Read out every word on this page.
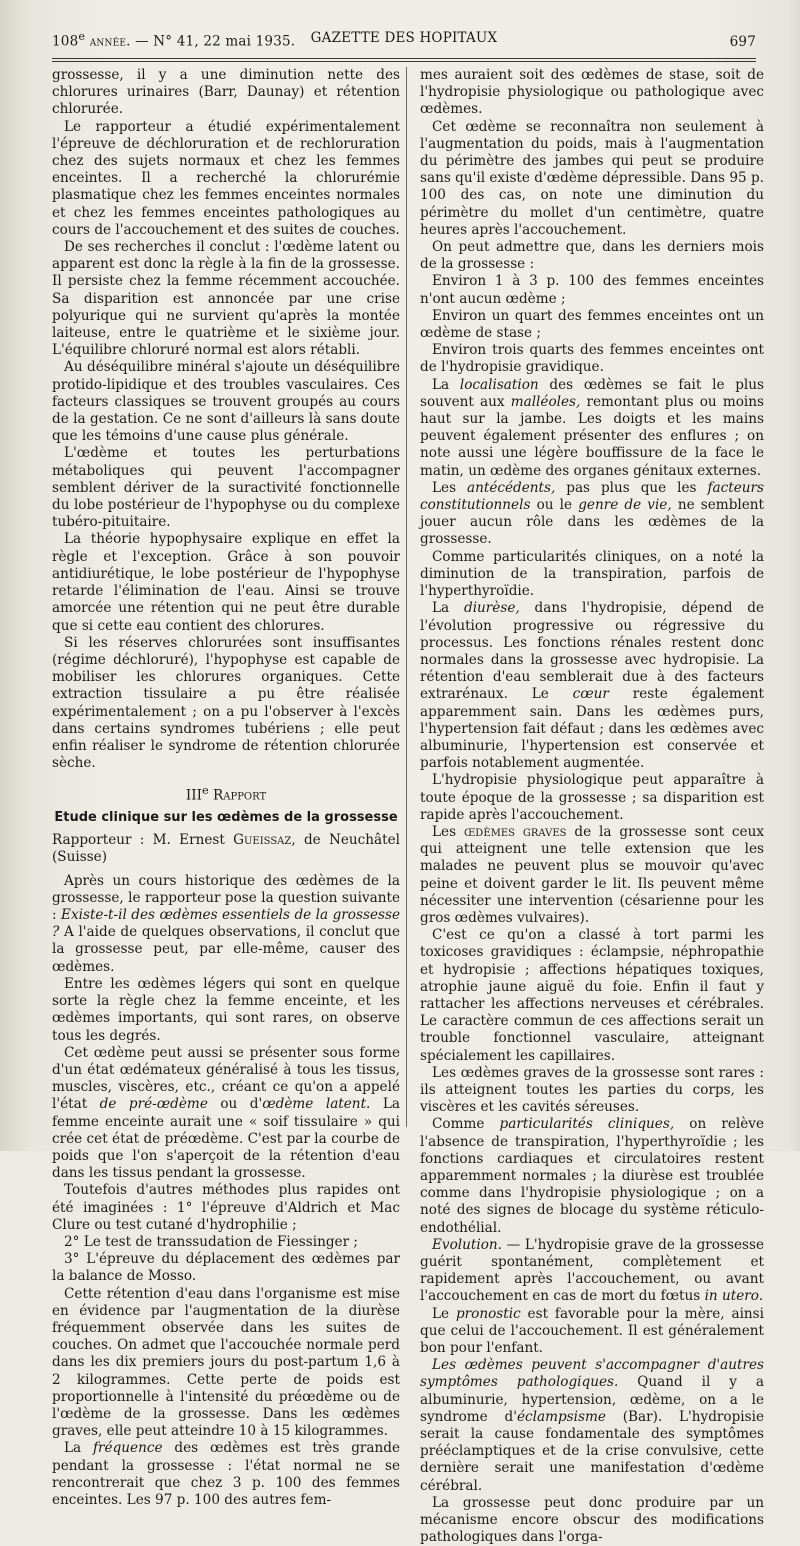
108e année. — N° 41, 22 mai 1935. GAZETTE DES HOPITAUX	697

grossesse, il y a une diminution nette des chlorures urinaires (Barr, Daunay) et rétention chlorurée.

Le rapporteur a étudié expérimentalement l'épreuve de déchloruration et de rechloruration chez des sujets normaux et chez les femmes enceintes. Il a recherché la chlorurémie plasmatique chez les femmes enceintes normales et chez les femmes enceintes pathologiques au cours de l'accouchement et des suites de couches.

De ses recherches il conclut : l'œdème latent ou apparent est donc la règle à la fin de la grossesse. Il persiste chez la femme récemment accouchée. Sa disparition est annoncée par une crise polyurique qui ne survient qu'après la montée laiteuse, entre le quatrième et le sixième jour. L'équilibre chloruré normal est alors rétabli.

Au déséquilibre minéral s'ajoute un déséquilibre protido-lipidique et des troubles vasculaires. Ces facteurs classiques se trouvent groupés au cours de la gestation. Ce ne sont d'ailleurs là sans doute que les témoins d'une cause plus générale.

L'œdème et toutes les perturbations métaboliques qui peuvent l'accompagner semblent dériver de la suractivité fonctionnelle du lobe postérieur de l'hypophyse ou du complexe tubéro-pituitaire.

La théorie hypophysaire explique en effet la règle et l'exception. Grâce à son pouvoir antidiurétique, le lobe postérieur de l'hypophyse retarde l'élimination de l'eau. Ainsi se trouve amorcée une rétention qui ne peut être durable que si cette eau contient des chlorures.

Si les réserves chlorurées sont insuffisantes (régime déchloruré), l'hypophyse est capable de mobiliser les chlorures organiques. Cette extraction tissulaire a pu être réalisée expérimentalement ; on a pu l'observer à l'excès dans certains syndromes tubériens ; elle peut enfin réaliser le syndrome de rétention chlorurée sèche.

IIIe Rapport

Etude clinique sur les œdèmes de la grossesse

Rapporteur : M. Ernest Gueissaz, de Neuchâtel (Suisse)

Après un cours historique des œdèmes de la grossesse, le rapporteur pose la question suivante : Existe-t-il des œdèmes essentiels de la grossesse ? A l'aide de quelques observations, il conclut que la grossesse peut, par elle-même, causer des œdèmes.

Entre les œdèmes légers qui sont en quelque sorte la règle chez la femme enceinte, et les œdèmes importants, qui sont rares, on observe tous les degrés.

Cet œdème peut aussi se présenter sous forme d'un état œdémateux généralisé à tous les tissus, muscles, viscères, etc., créant ce qu'on a appelé l'état de pré-œdème ou d'œdème latent. La femme enceinte aurait une « soif tissulaire » qui crée cet état de préœdème. C'est par la courbe de poids que l'on s'aperçoit de la rétention d'eau dans les tissus pendant la grossesse.

Toutefois d'autres méthodes plus rapides ont été imaginées : 1° l'épreuve d'Aldrich et Mac Clure ou test cutané d'hydrophilie ;

2° Le test de transsudation de Fiessinger ;

3° L'épreuve du déplacement des œdèmes par la balance de Mosso.

Cette rétention d'eau dans l'organisme est mise en évidence par l'augmentation de la diurèse fréquemment observée dans les suites de couches. On admet que l'accouchée normale perd dans les dix premiers jours du post-partum 1,6 à 2 kilogrammes. Cette perte de poids est proportionnelle à l'intensité du préœdème ou de l'œdème de la grossesse. Dans les œdèmes graves, elle peut atteindre 10 à 15 kilogrammes.

La fréquence des œdèmes est très grande pendant la grossesse : l'état normal ne se rencontrerait que chez 3 p. 100 des femmes enceintes. Les 97 p. 100 des autres fem-

mes auraient soit des œdèmes de stase, soit de l'hydropisie physiologique ou pathologique avec œdèmes.

Cet œdème se reconnaîtra non seulement à l'augmentation du poids, mais à l'augmentation du périmètre des jambes qui peut se produire sans qu'il existe d'œdème dépressible. Dans 95 p. 100 des cas, on note une diminution du périmètre du mollet d'un centimètre, quatre heures après l'accouchement.

On peut admettre que, dans les derniers mois de la grossesse :

Environ 1 à 3 p. 100 des femmes enceintes n'ont aucun œdème ;

Environ un quart des femmes enceintes ont un œdème de stase ;

Environ trois quarts des femmes enceintes ont de l'hydropisie gravidique.

La localisation des œdèmes se fait le plus souvent aux malléoles, remontant plus ou moins haut sur la jambe. Les doigts et les mains peuvent également présenter des enflures ; on note aussi une légère bouffissure de la face le matin, un œdème des organes génitaux externes.

Les antécédents, pas plus que les facteurs constitutionnels ou le genre de vie, ne semblent jouer aucun rôle dans les œdèmes de la grossesse.

Comme particularités cliniques, on a noté la diminution de la transpiration, parfois de l'hyperthyroïdie.

La diurèse, dans l'hydropisie, dépend de l'évolution progressive ou régressive du processus. Les fonctions rénales restent donc normales dans la grossesse avec hydropisie. La rétention d'eau semblerait due à des facteurs extrarénaux. Le cœur reste également apparemment sain. Dans les œdèmes purs, l'hypertension fait défaut ; dans les œdèmes avec albuminurie, l'hypertension est conservée et parfois notablement augmentée.

L'hydropisie physiologique peut apparaître à toute époque de la grossesse ; sa disparition est rapide après l'accouchement.

Les œdèmes graves de la grossesse sont ceux qui atteignent une telle extension que les malades ne peuvent plus se mouvoir qu'avec peine et doivent garder le lit. Ils peuvent même nécessiter une intervention (césarienne pour les gros œdèmes vulvaires).

C'est ce qu'on a classé à tort parmi les toxicoses gravidiques : éclampsie, néphropathie et hydropisie ; affections hépatiques toxiques, atrophie jaune aiguë du foie. Enfin il faut y rattacher les affections nerveuses et cérébrales. Le caractère commun de ces affections serait un trouble fonctionnel vasculaire, atteignant spécialement les capillaires.

Les œdèmes graves de la grossesse sont rares : ils atteignent toutes les parties du corps, les viscères et les cavités séreuses.

Comme particularités cliniques, on relève l'absence de transpiration, l'hyperthyroïdie ; les fonctions cardiaques et circulatoires restent apparemment normales ; la diurèse est troublée comme dans l'hydropisie physiologique ; on a noté des signes de blocage du système réticulo-endothélial.

Evolution. — L'hydropisie grave de la grossesse guérit spontanément, complètement et rapidement après l'accouchement, ou avant l'accouchement en cas de mort du fœtus in utero.

Le pronostic est favorable pour la mère, ainsi que celui de l'accouchement. Il est généralement bon pour l'enfant.

Les œdèmes peuvent s'accompagner d'autres symptômes pathologiques. Quand il y a albuminurie, hypertension, œdème, on a le syndrome d'éclampsisme (Bar). L'hydropisie serait la cause fondamentale des symptômes prééclamptiques et de la crise convulsive, cette dernière serait une manifestation d'œdème cérébral.

La grossesse peut donc produire par un mécanisme encore obscur des modifications pathologiques dans l'orga-
